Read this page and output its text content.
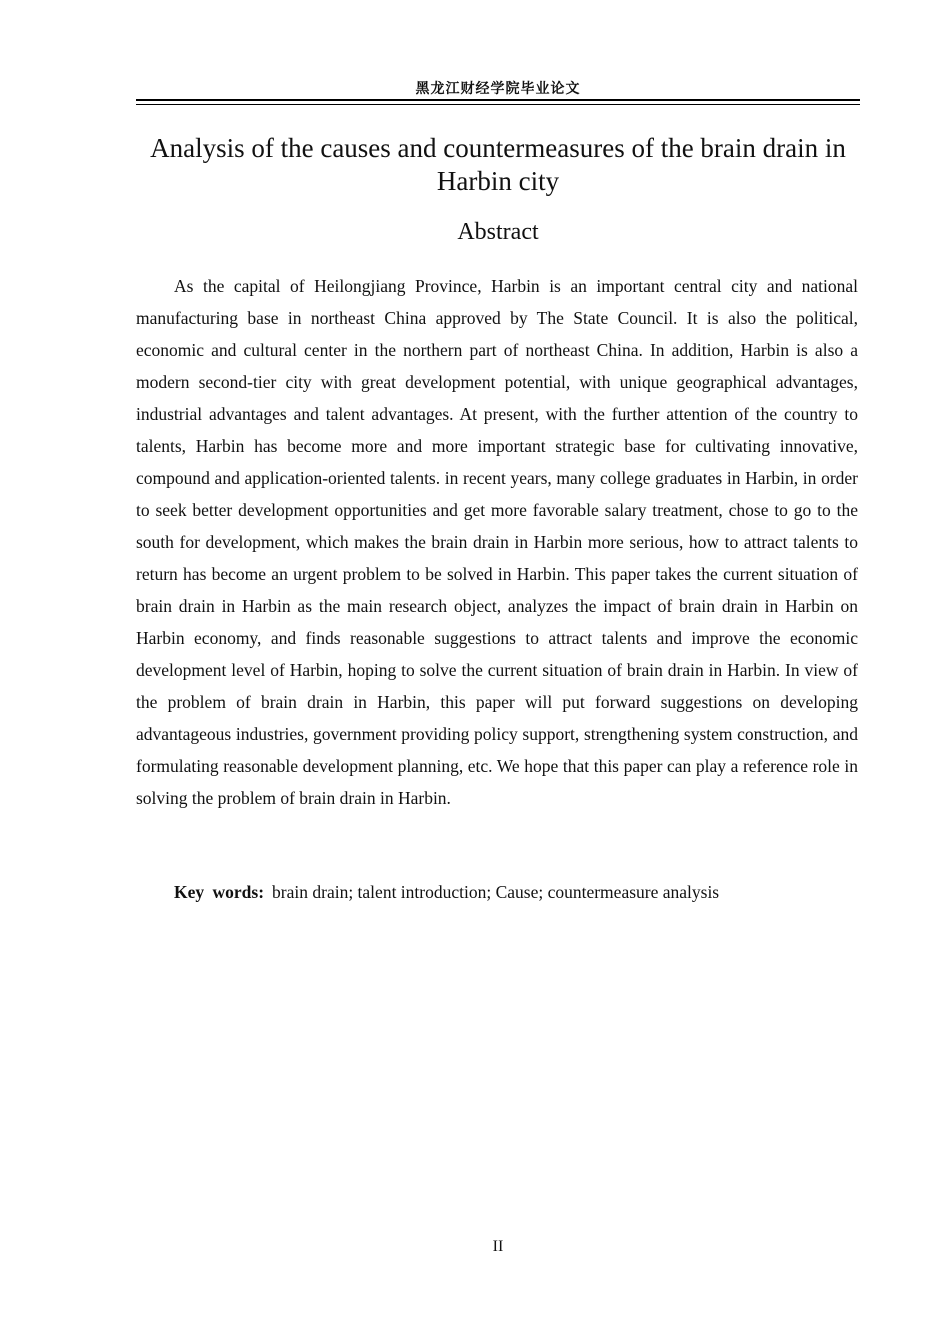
黑龙江财经学院毕业论文
Analysis of the causes and countermeasures of the brain drain in Harbin city
Abstract

As the capital of Heilongjiang Province, Harbin is an important central city and national manufacturing base in northeast China approved by The State Council. It is also the political, economic and cultural center in the northern part of northeast China. In addition, Harbin is also a modern second-tier city with great development potential, with unique geographical advantages, industrial advantages and talent advantages. At present, with the further attention of the country to talents, Harbin has become more and more important strategic base for cultivating innovative, compound and application-oriented talents. in recent years, many college graduates in Harbin, in order to seek better development opportunities and get more favorable salary treatment, chose to go to the south for development, which makes the brain drain in Harbin more serious, how to attract talents to return has become an urgent problem to be solved in Harbin. This paper takes the current situation of brain drain in Harbin as the main research object, analyzes the impact of brain drain in Harbin on Harbin economy, and finds reasonable suggestions to attract talents and improve the economic development level of Harbin, hoping to solve the current situation of brain drain in Harbin. In view of the problem of brain drain in Harbin, this paper will put forward suggestions on developing advantageous industries, government providing policy support, strengthening system construction, and formulating reasonable development planning, etc. We hope that this paper can play a reference role in solving the problem of brain drain in Harbin.

Key words: brain drain; talent introduction; Cause; countermeasure analysis
II
